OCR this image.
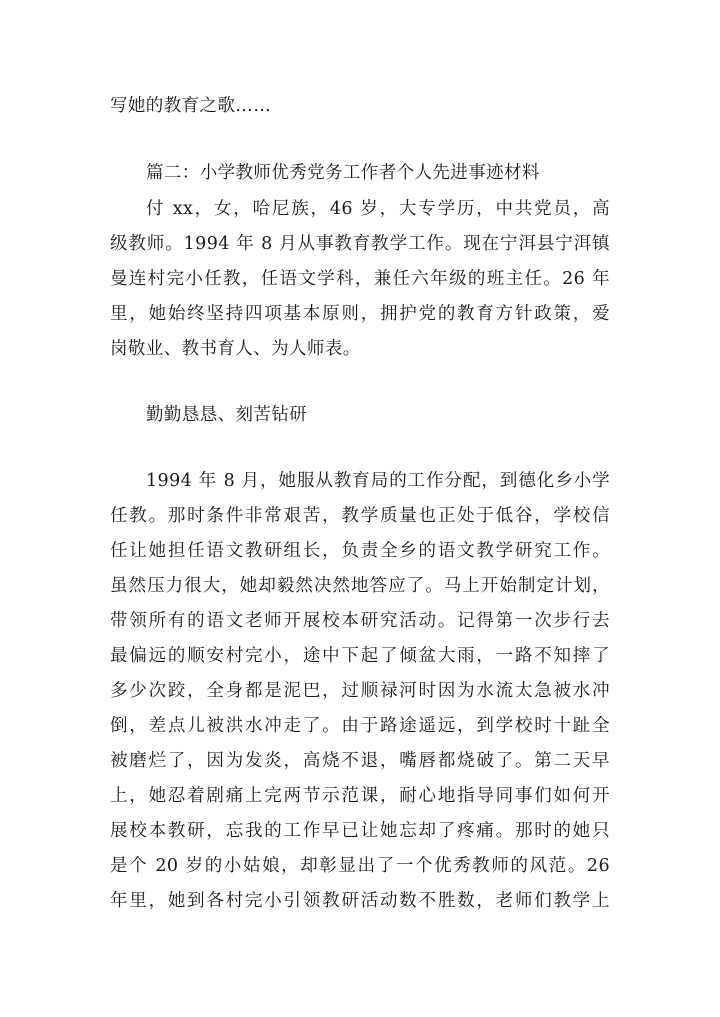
写她的教育之歌……
篇二：小学教师优秀党务工作者个人先进事迹材料
付 xx，女，哈尼族，46 岁，大专学历，中共党员，高
级教师。1994 年 8 月从事教育教学工作。现在宁洱县宁洱镇
曼连村完小任教，任语文学科，兼任六年级的班主任。26 年
里，她始终坚持四项基本原则，拥护党的教育方针政策，爱
岗敬业、教书育人、为人师表。
勤勤恳恳、刻苦钻研
1994 年 8 月，她服从教育局的工作分配，到德化乡小学
任教。那时条件非常艰苦，教学质量也正处于低谷，学校信
任让她担任语文教研组长，负责全乡的语文教学研究工作。
虽然压力很大，她却毅然决然地答应了。马上开始制定计划，
带领所有的语文老师开展校本研究活动。记得第一次步行去
最偏远的顺安村完小，途中下起了倾盆大雨，一路不知摔了
多少次跤，全身都是泥巴，过顺禄河时因为水流太急被水冲
倒，差点儿被洪水冲走了。由于路途遥远，到学校时十趾全
被磨烂了，因为发炎，高烧不退，嘴唇都烧破了。第二天早
上，她忍着剧痛上完两节示范课，耐心地指导同事们如何开
展校本教研，忘我的工作早已让她忘却了疼痛。那时的她只
是个 20 岁的小姑娘，却彰显出了一个优秀教师的风范。26
年里，她到各村完小引领教研活动数不胜数，老师们教学上
